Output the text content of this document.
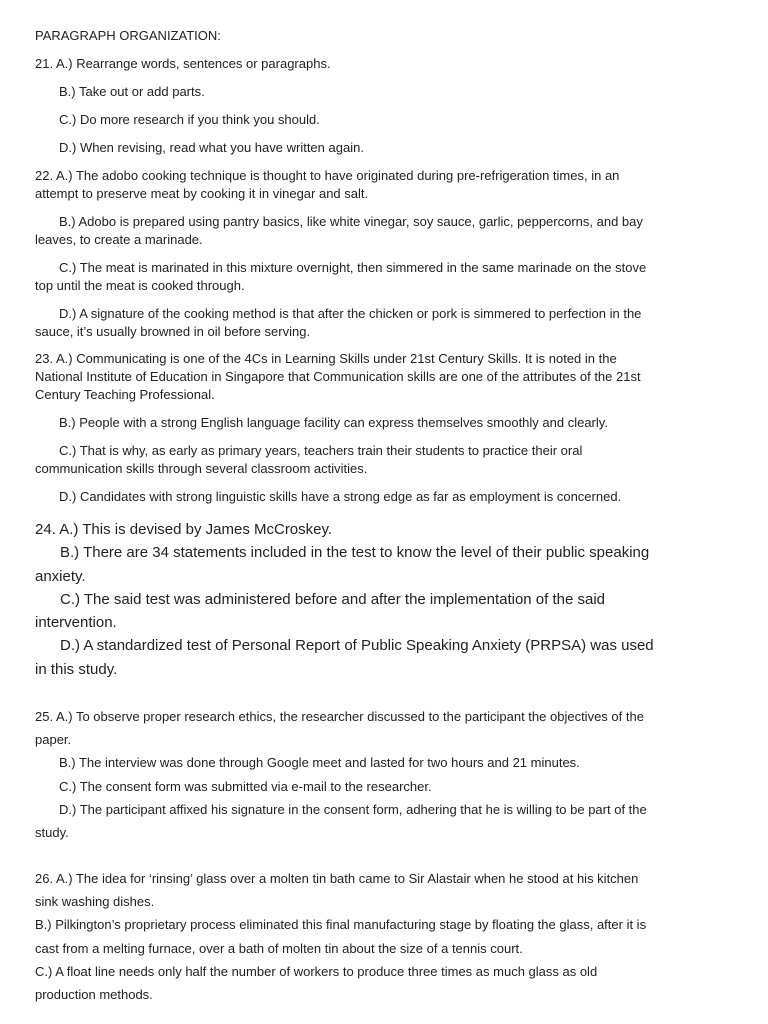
PARAGRAPH ORGANIZATION:

21. A.) Rearrange words, sentences or paragraphs.

B.) Take out or add parts.

C.) Do more research if you think you should.

D.) When revising, read what you have written again.

22. A.) The adobo cooking technique is thought to have originated during pre-refrigeration times, in an attempt to preserve meat by cooking it in vinegar and salt.

B.) Adobo is prepared using pantry basics, like white vinegar, soy sauce, garlic, peppercorns, and bay leaves, to create a marinade.

C.) The meat is marinated in this mixture overnight, then simmered in the same marinade on the stove top until the meat is cooked through.

D.) A signature of the cooking method is that after the chicken or pork is simmered to perfection in the sauce, it’s usually browned in oil before serving.

23. A.) Communicating is one of the 4Cs in Learning Skills under 21st Century Skills. It is noted in the National Institute of Education in Singapore that Communication skills are one of the attributes of the 21st Century Teaching Professional.

B.) People with a strong English language facility can express themselves smoothly and clearly.

C.) That is why, as early as primary years, teachers train their students to practice their oral communication skills through several classroom activities.

D.) Candidates with strong linguistic skills have a strong edge as far as employment is concerned.

24. A.) This is devised by James McCroskey.

B.) There are 34 statements included in the test to know the level of their public speaking anxiety.

C.) The said test was administered before and after the implementation of the said intervention.

D.) A standardized test of Personal Report of Public Speaking Anxiety (PRPSA) was used in this study.

25. A.) To observe proper research ethics, the researcher discussed to the participant the objectives of the paper.

B.) The interview was done through Google meet and lasted for two hours and 21 minutes.

C.) The consent form was submitted via e-mail to the researcher.

D.) The participant affixed his signature in the consent form, adhering that he is willing to be part of the study.

26. A.) The idea for ‘rinsing’ glass over a molten tin bath came to Sir Alastair when he stood at his kitchen sink washing dishes.

B.) Pilkington’s proprietary process eliminated this final manufacturing stage by floating the glass, after it is cast from a melting furnace, over a bath of molten tin about the size of a tennis court.

C.) A float line needs only half the number of workers to produce three times as much glass as old production methods.
